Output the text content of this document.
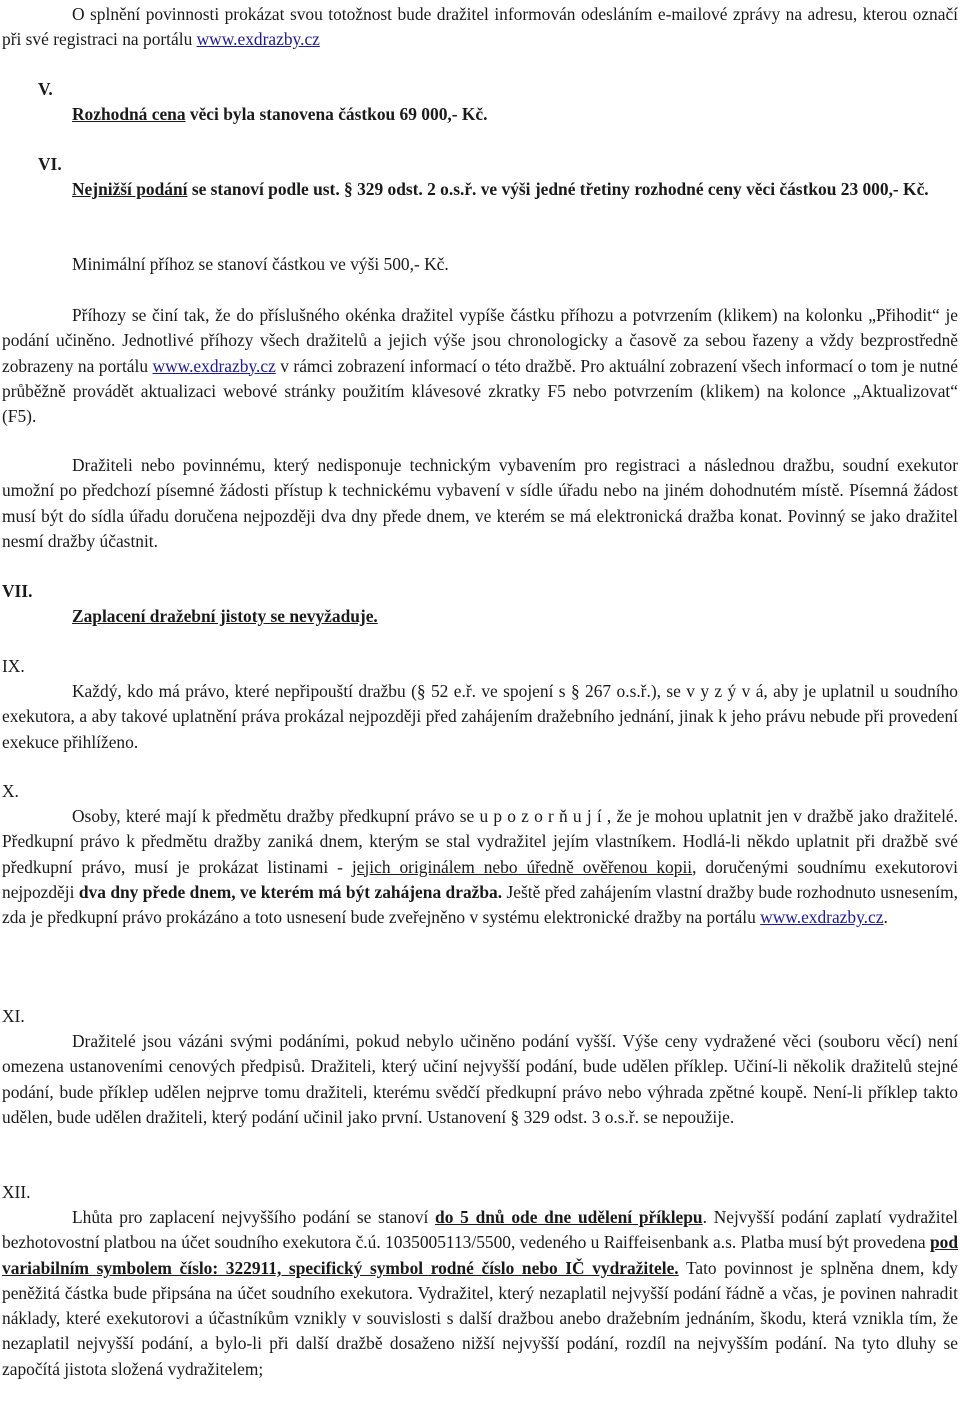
O splnění povinnosti prokázat svou totožnost bude dražitel informován odesláním e-mailové zprávy na adresu, kterou označí při své registraci na portálu www.exdrazby.cz

V.

Rozhodná cena věci byla stanovena částkou 69 000,- Kč.

VI.

Nejnižší podání se stanoví podle ust. § 329 odst. 2 o.s.ř. ve výši jedné třetiny rozhodné ceny věci částkou 23 000,- Kč.

Minimální příhoz se stanoví částkou ve výši 500,- Kč.

Příhozy se činí tak, že do příslušného okénka dražitel vypíše částku příhozu a potvrzením (klikem) na kolonku „Přihodit“ je podání učiněno. Jednotlivé příhozy všech dražitelů a jejich výše jsou chronologicky a časově za sebou řazeny a vždy bezprostředně zobrazeny na portálu www.exdrazby.cz v rámci zobrazení informací o této dražbě. Pro aktuální zobrazení všech informací o tom je nutné průběžně provádět aktualizaci webové stránky použitím klávesové zkratky F5 nebo potvrzením (klikem) na kolonce „Aktualizovat“ (F5).

Dražiteli nebo povinnému, který nedisponuje technickým vybavením pro registraci a následnou dražbu, soudní exekutor umožní po předchozí písemné žádosti přístup k technickému vybavení v sídle úřadu nebo na jiném dohodnutém místě. Písemná žádost musí být do sídla úřadu doručena nejpozději dva dny přede dnem, ve kterém se má elektronická dražba konat. Povinný se jako dražitel nesmí dražby účastnit.

VII.

Zaplacení dražební jistoty se nevyžaduje.

IX.

Každý, kdo má právo, které nepřipouští dražbu (§ 52 e.ř. ve spojení s § 267 o.s.ř.), se v y z ý v á, aby je uplatnil u soudního exekutora, a aby takové uplatnění práva prokázal nejpozději před zahájením dražebního jednání, jinak k jeho právu nebude při provedení exekuce přihlíženo.

X.

Osoby, které mají k předmětu dražby předkupní právo se u p o z o r ň u j í , že je mohou uplatnit jen v dražbě jako dražitelé. Předkupní právo k předmětu dražby zaniká dnem, kterým se stal vydražitel jejím vlastníkem. Hodlá-li někdo uplatnit při dražbě své předkupní právo, musí je prokázat listinami - jejich originálem nebo úředně ověřenou kopii, doručenými soudnímu exekutorovi nejpozději dva dny přede dnem, ve kterém má být zahájena dražba. Ještě před zahájením vlastní dražby bude rozhodnuto usnesením, zda je předkupní právo prokázáno a toto usnesení bude zveřejněno v systému elektronické dražby na portálu www.exdrazby.cz.

XI.

Dražitelé jsou vázáni svými podáními, pokud nebylo učiněno podání vyšší. Výše ceny vydražené věci (souboru věcí) není omezena ustanoveními cenových předpisů. Dražiteli, který učiní nejvyšší podání, bude udělen příklep. Učiní-li několik dražitelů stejné podání, bude příklep udělen nejprve tomu dražiteli, kterému svědčí předkupní právo nebo výhrada zpětné koupě. Není-li příklep takto udělen, bude udělen dražiteli, který podání učinil jako první. Ustanovení § 329 odst. 3 o.s.ř. se nepoužije.

XII.

Lhůta pro zaplacení nejvyššího podání se stanoví do 5 dnů ode dne udělení příklepu. Nejvyšší podání zaplatí vydražitel bezhotovostní platbou na účet soudního exekutora č.ú. 1035005113/5500, vedeného u Raiffeisenbank a.s. Platba musí být provedena pod variabilním symbolem číslo: 322911, specifický symbol rodné číslo nebo IČ vydražitele. Tato povinnost je splněna dnem, kdy peněžitá částka bude připsána na účet soudního exekutora. Vydražitel, který nezaplatil nejvyšší podání řádně a včas, je povinen nahradit náklady, které exekutorovi a účastníkům vznikly v souvislosti s další dražbou anebo dražebním jednáním, škodu, která vznikla tím, že nezaplatil nejvyšší podání, a bylo-li při další dražbě dosaženo nižší nejvyšší podání, rozdíl na nejvyšším podání. Na tyto dluhy se započítá jistota složená vydražitelem;
